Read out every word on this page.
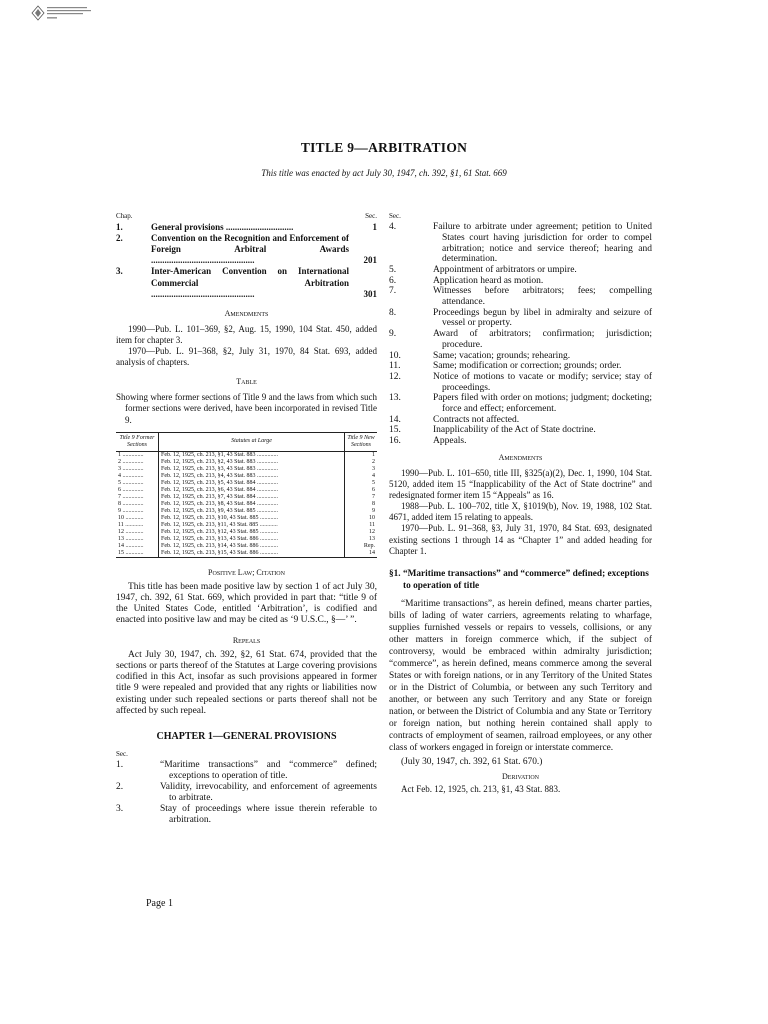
TITLE 9—ARBITRATION
This title was enacted by act July 30, 1947, ch. 392, §1, 61 Stat. 669
Chap.	Sec.
1.	General provisions ..............................	1
2.	Convention on the Recognition and Enforcement of Foreign Arbitral Awards ..............................................	201
3.	Inter-American Convention on International Commercial Arbitration ..............................................	301
Amendments

1990—Pub. L. 101–369, §2, Aug. 15, 1990, 104 Stat. 450, added item for chapter 3.

1970—Pub. L. 91–368, §2, July 31, 1970, 84 Stat. 693, added analysis of chapters.

Table

Showing where former sections of Title 9 and the laws from which such former sections were derived, have been incorporated in revised Title 9.

Title 9 Former Sections	Statutes at Large	Title 9 New Sections
1 ..............	Feb. 12, 1925, ch. 213, §1, 43 Stat. 883 ..............	1
2 ..............	Feb. 12, 1925, ch. 213, §2, 43 Stat. 883 ..............	2
3 ..............	Feb. 12, 1925, ch. 213, §3, 43 Stat. 883 ..............	3
4 ..............	Feb. 12, 1925, ch. 213, §4, 43 Stat. 883 ..............	4
5 ..............	Feb. 12, 1925, ch. 213, §5, 43 Stat. 884 ..............	5
6 ..............	Feb. 12, 1925, ch. 213, §6, 43 Stat. 884 ..............	6
7 ..............	Feb. 12, 1925, ch. 213, §7, 43 Stat. 884 ..............	7
8 ..............	Feb. 12, 1925, ch. 213, §8, 43 Stat. 884 ..............	8
9 ..............	Feb. 12, 1925, ch. 213, §9, 43 Stat. 885 ..............	9
10 ............	Feb. 12, 1925, ch. 213, §10, 43 Stat. 885 ............	10
11 ............	Feb. 12, 1925, ch. 213, §11, 43 Stat. 885 ............	11
12 ............	Feb. 12, 1925, ch. 213, §12, 43 Stat. 885 ............	12
13 ............	Feb. 12, 1925, ch. 213, §13, 43 Stat. 886 ............	13
14 ............	Feb. 12, 1925, ch. 213, §14, 43 Stat. 886 ............	Rep.
15 ............	Feb. 12, 1925, ch. 213, §15, 43 Stat. 886 ............	14
Positive Law; Citation

This title has been made positive law by section 1 of act July 30, 1947, ch. 392, 61 Stat. 669, which provided in part that: “title 9 of the United States Code, entitled ‘Arbitration’, is codified and enacted into positive law and may be cited as ‘9 U.S.C., §—’ ”.

Repeals

Act July 30, 1947, ch. 392, §2, 61 Stat. 674, provided that the sections or parts thereof of the Statutes at Large covering provisions codified in this Act, insofar as such provisions appeared in former title 9 were repealed and provided that any rights or liabilities now existing under such repealed sections or parts thereof shall not be affected by such repeal.

CHAPTER 1—GENERAL PROVISIONS
Sec.
1.	“Maritime transactions” and “commerce” defined; exceptions to operation of title.
2.	Validity, irrevocability, and enforcement of agreements to arbitrate.
3.	Stay of proceedings where issue therein referable to arbitration.
Sec.
4.	Failure to arbitrate under agreement; petition to United States court having jurisdiction for order to compel arbitration; notice and service thereof; hearing and determination.
5.	Appointment of arbitrators or umpire.
6.	Application heard as motion.
7.	Witnesses before arbitrators; fees; compelling attendance.
8.	Proceedings begun by libel in admiralty and seizure of vessel or property.
9.	Award of arbitrators; confirmation; jurisdiction; procedure.
10.	Same; vacation; grounds; rehearing.
11.	Same; modification or correction; grounds; order.
12.	Notice of motions to vacate or modify; service; stay of proceedings.
13.	Papers filed with order on motions; judgment; docketing; force and effect; enforcement.
14.	Contracts not affected.
15.	Inapplicability of the Act of State doctrine.
16.	Appeals.
Amendments

1990—Pub. L. 101–650, title III, §325(a)(2), Dec. 1, 1990, 104 Stat. 5120, added item 15 “Inapplicability of the Act of State doctrine” and redesignated former item 15 “Appeals” as 16.

1988—Pub. L. 100–702, title X, §1019(b), Nov. 19, 1988, 102 Stat. 4671, added item 15 relating to appeals.

1970—Pub. L. 91–368, §3, July 31, 1970, 84 Stat. 693, designated existing sections 1 through 14 as “Chapter 1” and added heading for Chapter 1.

§1. “Maritime transactions” and “commerce” defined; exceptions to operation of title

“Maritime transactions”, as herein defined, means charter parties, bills of lading of water carriers, agreements relating to wharfage, supplies furnished vessels or repairs to vessels, collisions, or any other matters in foreign commerce which, if the subject of controversy, would be embraced within admiralty jurisdiction; “commerce”, as herein defined, means commerce among the several States or with foreign nations, or in any Territory of the United States or in the District of Columbia, or between any such Territory and another, or between any such Territory and any State or foreign nation, or between the District of Columbia and any State or Territory or foreign nation, but nothing herein contained shall apply to contracts of employment of seamen, railroad employees, or any other class of workers engaged in foreign or interstate commerce.

(July 30, 1947, ch. 392, 61 Stat. 670.)

Derivation

Act Feb. 12, 1925, ch. 213, §1, 43 Stat. 883.

Page 1
